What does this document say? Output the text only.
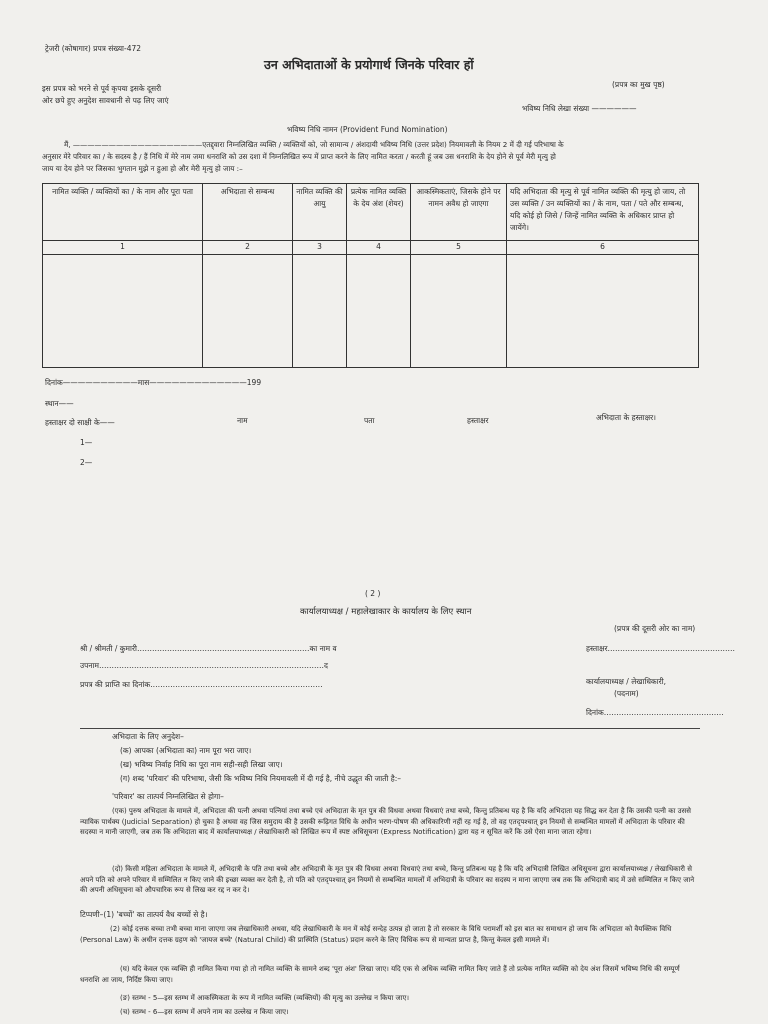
ट्रेजरी (कोषागार) प्रपत्र संख्या-472
उन अभिदाताओं के प्रयोगार्थ जिनके परिवार हों
इस प्रपत्र को भरने से पूर्व कृपया इसके दूसरी
ओर छपे हुए अनुदेश सावधानी से पढ़ लिए जाएं
(प्रपत्र का मुख पृष्ठ)
भविष्य निधि लेखा संख्या ——————
भविष्य निधि नामन (Provident Fund Nomination)
मैं, ——————————————————एतद्द्वारा निम्नलिखित व्यक्ति / व्यक्तियों को, जो सामान्य / अंशदायी भविष्य निधि (उत्तर प्रदेश) नियमावली के नियम 2 में दी गई परिभाषा के
अनुसार मेरे परिवार का / के सदस्य है / हैं निधि में मेरे नाम जमा धनराशि को उस दशा में निम्नलिखित रूप में प्राप्त करने के लिए नामित करता / करती हूं जब उस धनराशि के देय होने से पूर्व मेरी मृत्यु हो
जाय या देय होने पर जिसका भुगतान मुझे न हुआ हो और मेरी मृत्यु हो जाय :–
नामित व्यक्ति / व्यक्तियों का / के नाम और पूरा पता	अभिदाता से सम्बन्ध	नामित व्यक्ति की आयु	प्रत्येक नामित व्यक्ति के देय अंश (शेयर)	आकस्मिकताएं, जिसके होने पर नामन अवैध हो जाएगा	यदि अभिदाता की मृत्यु से पूर्व नामित व्यक्ति की मृत्यु हो जाय, तो उस व्यक्ति / उन व्यक्तियों का / के नाम, पता / पते और सम्बन्ध, यदि कोई हो जिसे / जिन्हें नामित व्यक्ति के अधिकार प्राप्त हो जायेंगे।
1	2	3	4	5	6

दिनांक——————————मास—————————————199
स्थान——
हस्ताक्षर दो साक्षी के——	नाम	पता	हस्ताक्षर	अभिदाता के हस्ताक्षर।
1—
2—
( 2 )
कार्यालयाध्यक्ष / महालेखाकार के कार्यालय के लिए स्थान
(प्रपत्र की दूसरी ओर का नाम)
श्री / श्रीमती / कुमारी……………………………………………………………का नाम व
उपनाम………………………………………………………………………………द
प्रपत्र की प्राप्ति का दिनांक……………………………………………………………
हस्ताक्षर……………………………………………
कार्यालयाध्यक्ष / लेखाधिकारी,
(पदनाम)
दिनांक…………………………………………
अभिदाता के लिए अनुदेश–
(क) आपका (अभिदाता का) नाम पूरा भरा जाए।
(ख) भविष्य निर्वाह निधि का पूरा नाम सही-सही लिखा जाए।
(ग) शब्द 'परिवार' की परिभाषा, जैसी कि भविष्य निधि नियमावली में दी गई है, नीचे उद्धृत की जाती है:–
'परिवार' का तात्पर्य निम्नलिखित से होगा–
(एक) पुरुष अभिदाता के मामले में, अभिदाता की पत्नी अथवा पत्नियां तथा बच्चे एवं अभिदाता के मृत पुत्र की विधवा अथवा विधवाएं तथा बच्चे, किन्तु प्रतिबन्ध यह है कि यदि अभिदाता यह सिद्ध कर देता है कि उसकी पत्नी का उससे न्यायिक पार्थक्य (Judicial Separation) हो चुका है अथवा वह जिस समुदाय की है उसकी रूढ़िगत विधि के अधीन भरण-पोषण की अधिकारिणी नहीं रह गई है, तो वह एतद्पश्चात् इन नियमों से सम्बन्धित मामलों में अभिदाता के परिवार की सदस्या न मानी जाएगी, जब तक कि अभिदाता बाद में कार्यालयाध्यक्ष / लेखाधिकारी को लिखित रूप में स्पष्ट अधिसूचना (Express Notification) द्वारा यह न सूचित करें कि उसे ऐसा माना जाता रहेगा।
(दो) किसी महिला अभिदाता के मामले में, अभिदात्री के पति तथा बच्चे और अभिदात्री के मृत पुत्र की विधवा अथवा विधवाएं तथा बच्चे, किन्तु प्रतिबन्ध यह है कि यदि अभिदात्री लिखित अधिसूचना द्वारा कार्यालयाध्यक्ष / लेखाधिकारी से अपने पति को अपने परिवार में सम्मिलित न किए जाने की इच्छा व्यक्त कर देती है, तो पति को एतद्पश्चात् इन नियमों से सम्बन्धित मामलों में अभिदात्री के परिवार का सदस्य न माना जाएगा जब तक कि अभिदात्री बाद में उसे सम्मिलित न किए जाने की अपनी अधिसूचना को औपचारिक रूप से लिख कर रद्द न कर दे।
टिप्पणी–(1) 'बच्चों' का तात्पर्य वैध बच्चों से है।
(2) कोई दत्तक बच्चा तभी बच्चा माना जाएगा जब लेखाधिकारी अथवा, यदि लेखाधिकारी के मन में कोई सन्देह उत्पन्न हो जाता है तो सरकार के विधि परामर्शी को इस बात का समाधान हो जाय कि अभिदाता को वैयक्तिक विधि (Personal Law) के अधीन दत्तक ग्रहण को 'जायज बच्चे' (Natural Child) की प्रास्थिति (Status) प्रदान करने के लिए विधिक रूप से मान्यता प्राप्त है, किन्तु केवल इसी मामले में।
(घ) यदि केवल एक व्यक्ति ही नामित किया गया हो तो नामित व्यक्ति के सामने शब्द 'पूरा अंश' लिखा जाए। यदि एक से अधिक व्यक्ति नामित किए जाते हैं तो प्रत्येक नामित व्यक्ति को देय अंश जिसमें भविष्य निधि की सम्पूर्ण धनराशि आ जाय, निर्दिष्ट किया जाए।
(ङ) स्तम्भ - 5—इस स्तम्भ में आकस्मिकता के रूप में नामित व्यक्ति (व्यक्तियों) की मृत्यु का उल्लेख न किया जाए।
(च) स्तम्भ - 6—इस स्तम्भ में अपने नाम का उल्लेख न किया जाए।
